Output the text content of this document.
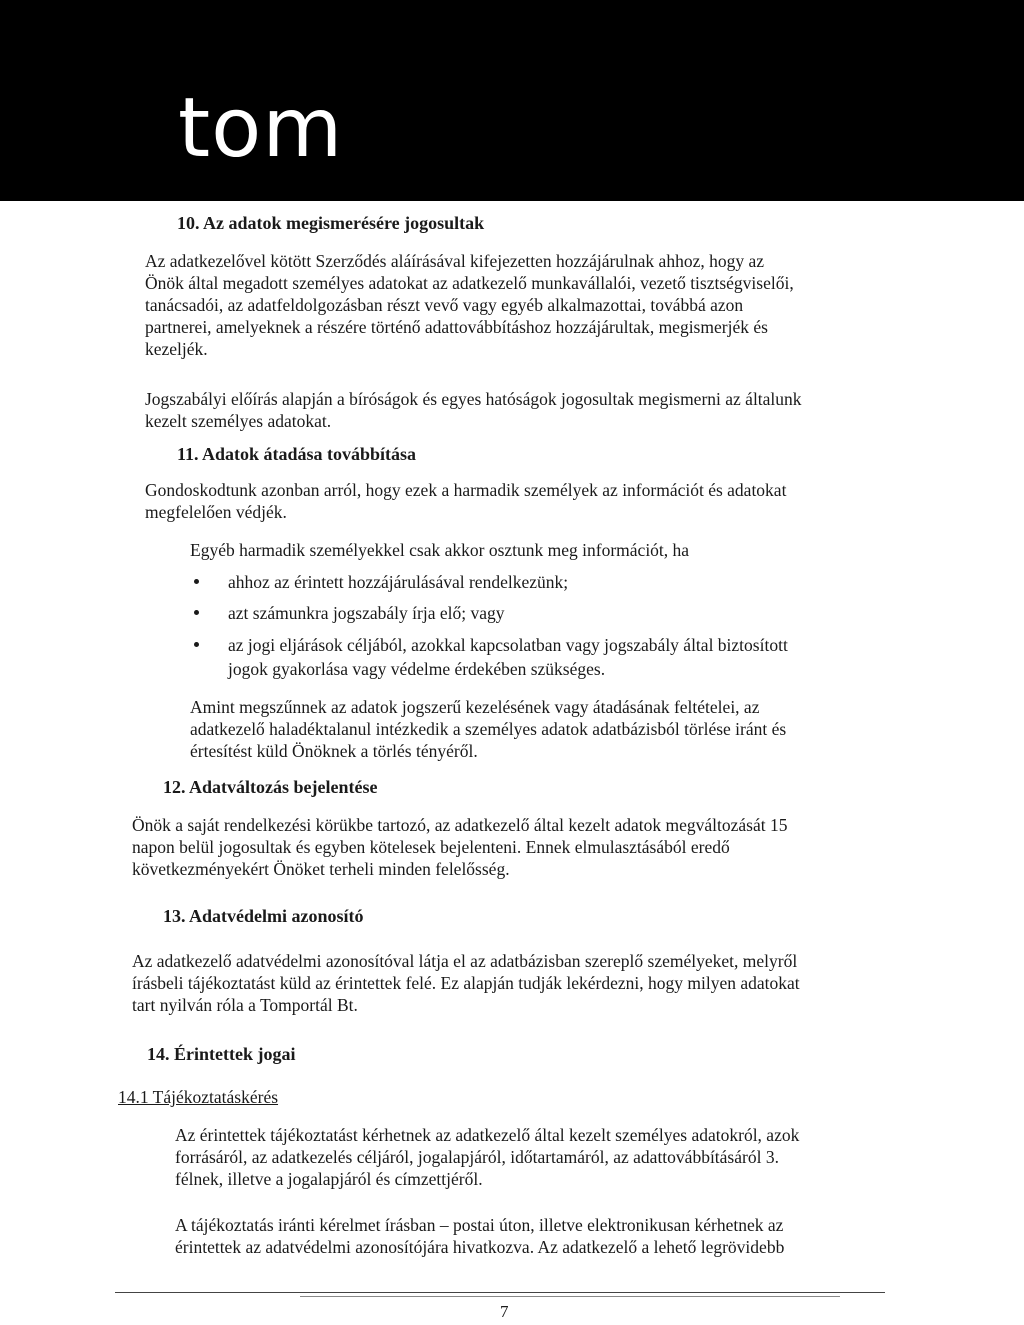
tom
10. Az adatok megismerésére jogosultak
Az adatkezelővel kötött Szerződés aláírásával kifejezetten hozzájárulnak ahhoz, hogy az
Önök által megadott személyes adatokat az adatkezelő munkavállalói, vezető tisztségviselői,
tanácsadói, az adatfeldolgozásban részt vevő vagy egyéb alkalmazottai, továbbá azon
partnerei, amelyeknek a részére történő adattovábbításhoz hozzájárultak, megismerjék és
kezeljék.
Jogszabályi előírás alapján a bíróságok és egyes hatóságok jogosultak megismerni az általunk
kezelt személyes adatokat.
11. Adatok átadása továbbítása
Gondoskodtunk azonban arról, hogy ezek a harmadik személyek az információt és adatokat
megfelelően védjék.
Egyéb harmadik személyekkel csak akkor osztunk meg információt, ha
ahhoz az érintett hozzájárulásával rendelkezünk;
azt számunkra jogszabály írja elő; vagy
az jogi eljárások céljából, azokkal kapcsolatban vagy jogszabály által biztosított
jogok gyakorlása vagy védelme érdekében szükséges.
Amint megszűnnek az adatok jogszerű kezelésének vagy átadásának feltételei, az
adatkezelő haladéktalanul intézkedik a személyes adatok adatbázisból törlése iránt és
értesítést küld Önöknek a törlés tényéről.
12. Adatváltozás bejelentése
Önök a saját rendelkezési körükbe tartozó, az adatkezelő által kezelt adatok megváltozását 15
napon belül jogosultak és egyben kötelesek bejelenteni. Ennek elmulasztásából eredő
következményekért Önöket terheli minden felelősség.
13. Adatvédelmi azonosító
Az adatkezelő adatvédelmi azonosítóval látja el az adatbázisban szereplő személyeket, melyről
írásbeli tájékoztatást küld az érintettek felé. Ez alapján tudják lekérdezni, hogy milyen adatokat
tart nyilván róla a Tomportál Bt.
14. Érintettek jogai
14.1 Tájékoztatáskérés
Az érintettek tájékoztatást kérhetnek az adatkezelő által kezelt személyes adatokról, azok
forrásáról, az adatkezelés céljáról, jogalapjáról, időtartamáról, az adattovábbításáról 3.
félnek, illetve a jogalapjáról és címzettjéről.
A tájékoztatás iránti kérelmet írásban – postai úton, illetve elektronikusan kérhetnek az
érintettek az adatvédelmi azonosítójára hivatkozva. Az adatkezelő a lehető legrövidebb
7
